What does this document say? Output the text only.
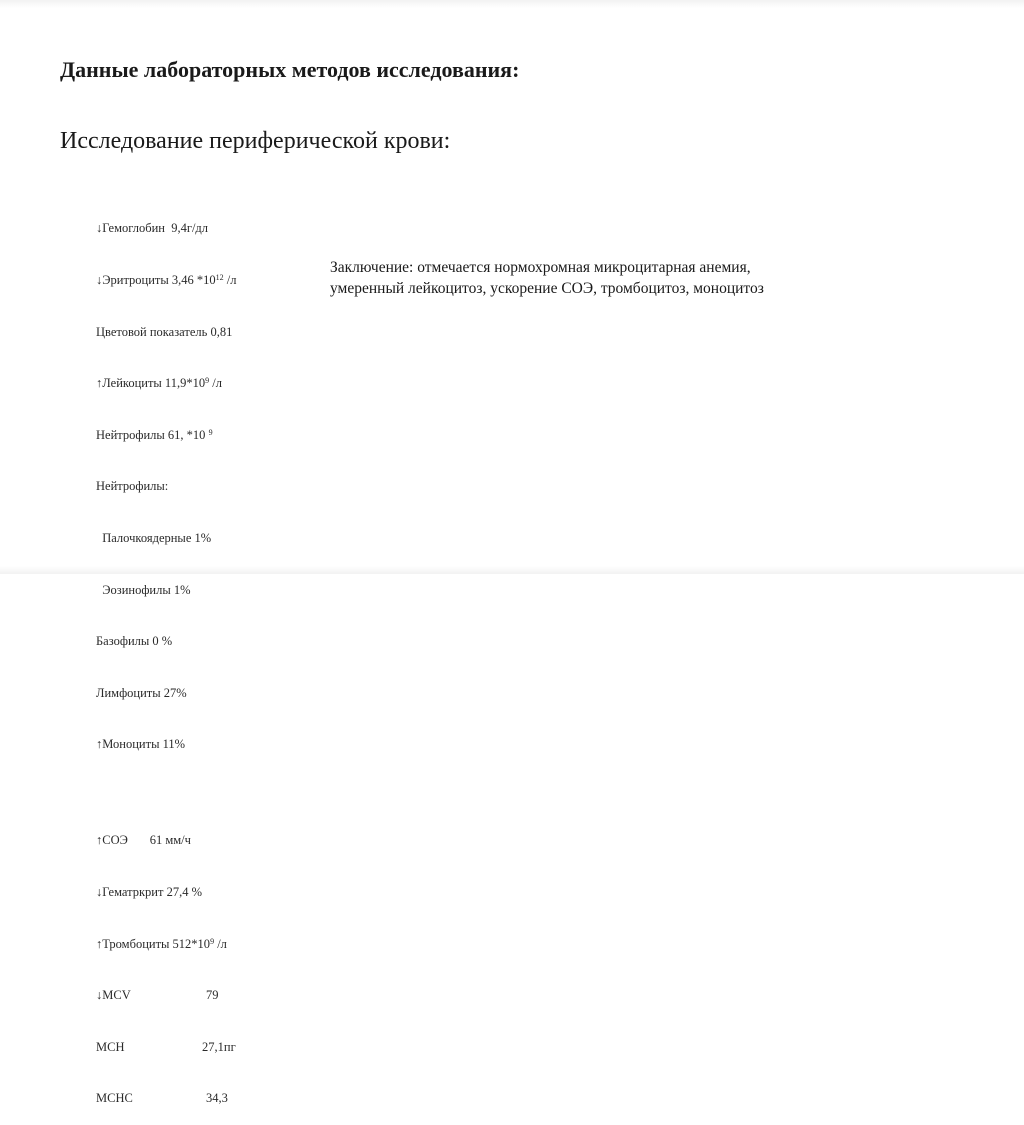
Данные лабораторных методов исследования:
Исследование периферической крови:

↓Гемоглобин  9,4г/дл

↓Эритроциты 3,46 $*10^{12}$ /л

Цветовой показатель 0,81

↑Лейкоциты $11,9*10^9$ /л

Нейтрофилы 61, *10 $^9$

Нейтрофилы:

Палочкоядерные 1%

Эозинофилы 1%

Базофилы 0 %

Лимфоциты 27%

↑Моноциты 11%

↑СОЭ       61 мм/ч

↓Гематркрит 27,4 %

↑Тромбоциты $512*10^9$ /л

↓MCV	79

MCH	27,1пг

MCHC	34,3

Заключение: отмечается нормохромная микроцитарная анемия, умеренный лейкоцитоз, ускорение СОЭ, тромбоцитоз, моноцитоз
